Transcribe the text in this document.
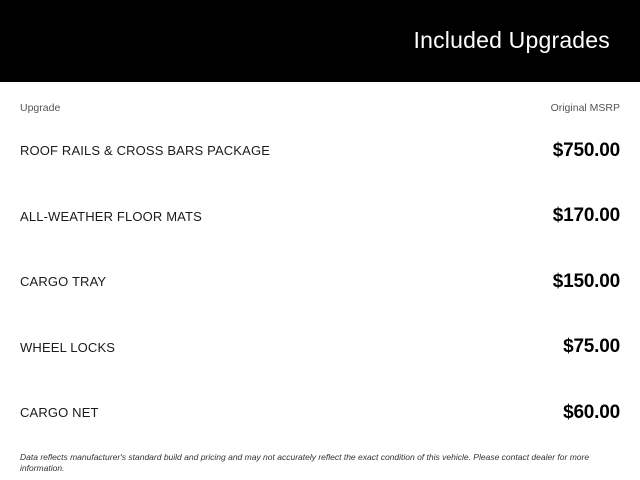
Included Upgrades
Upgrade	Original MSRP
ROOF RAILS & CROSS BARS PACKAGE	$750.00
ALL-WEATHER FLOOR MATS	$170.00
CARGO TRAY	$150.00
WHEEL LOCKS	$75.00
CARGO NET	$60.00
Data reflects manufacturer's standard build and pricing and may not accurately reflect the exact condition of this vehicle. Please contact dealer for more information.
